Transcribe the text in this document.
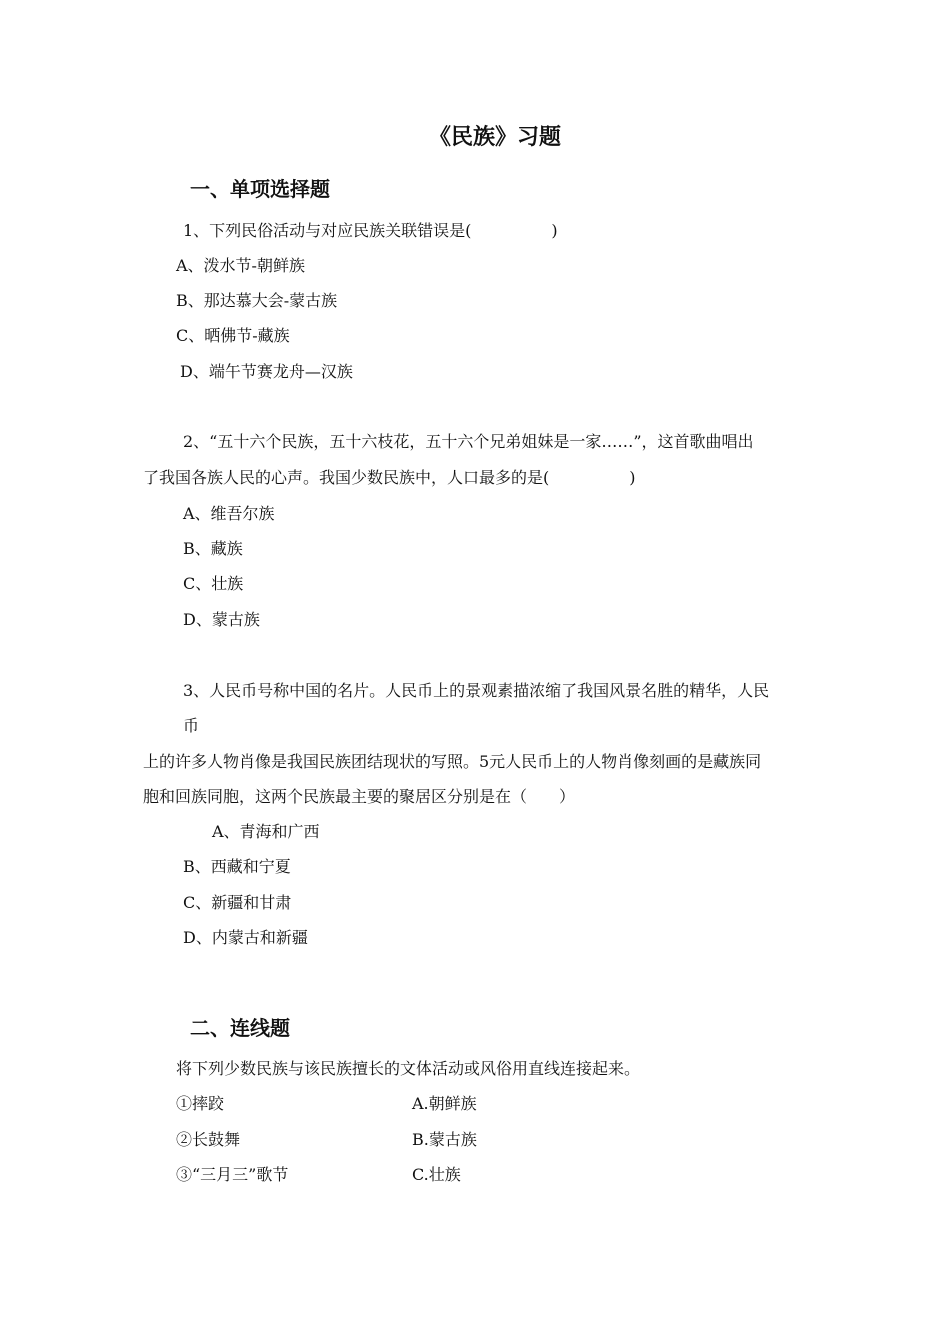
《民族》习题
一、单项选择题
1、下列民俗活动与对应民族关联错误是(　　　　　)
A、泼水节-朝鲜族
B、那达慕大会-蒙古族
C、晒佛节-藏族
D、端午节赛龙舟—汉族
2、“五十六个民族，五十六枝花，五十六个兄弟姐妹是一家……”，这首歌曲唱出
了我国各族人民的心声。我国少数民族中，人口最多的是(　　　　　)
A、维吾尔族
B、藏族
C、壮族
D、蒙古族
3、人民币号称中国的名片。人民币上的景观素描浓缩了我国风景名胜的精华，人民
币
上的许多人物肖像是我国民族团结现状的写照。5元人民币上的人物肖像刻画的是藏族同
胞和回族同胞，这两个民族最主要的聚居区分别是在（　　）
A、青海和广西
B、西藏和宁夏
C、新疆和甘肃
D、内蒙古和新疆
二、连线题
将下列少数民族与该民族擅长的文体活动或风俗用直线连接起来。
①摔跤
②长鼓舞
③“三月三”歌节
A.朝鲜族
B.蒙古族
C.壮族
